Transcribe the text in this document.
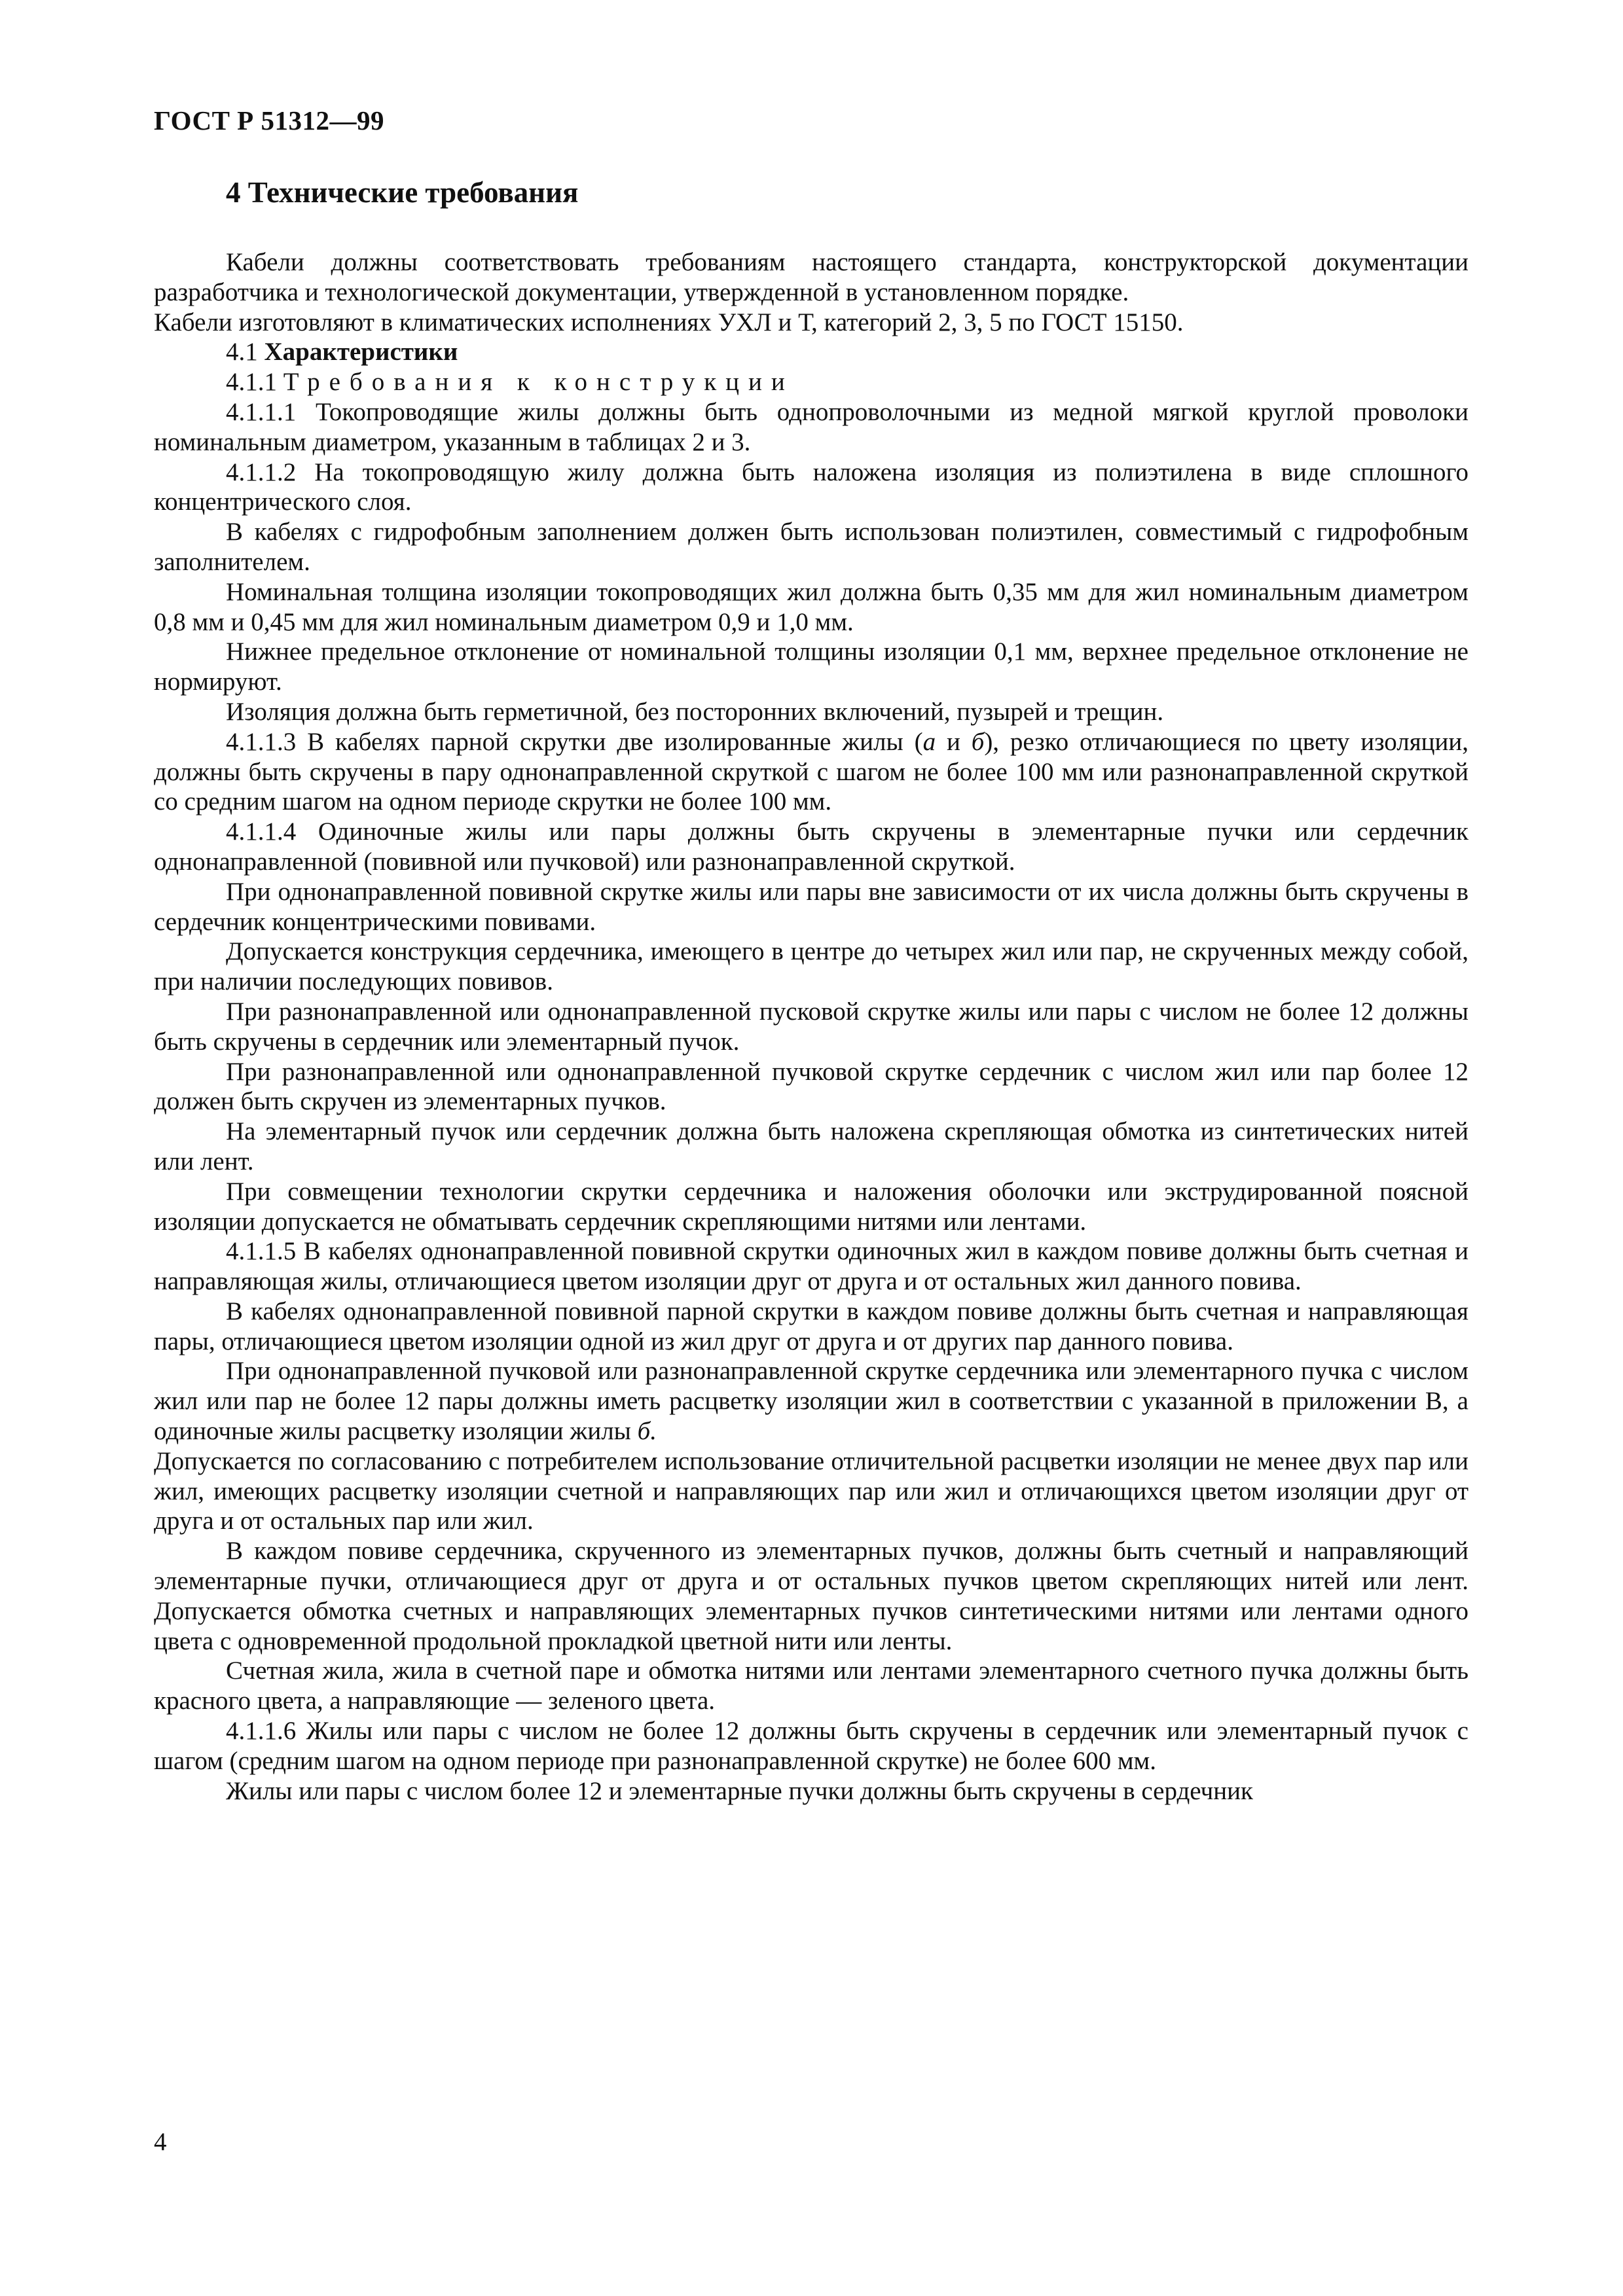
ГОСТ Р 51312—99
4 Технические требования

Кабели должны соответствовать требованиям настоящего стандарта, конструкторской документации разработчика и технологической документации, утвержденной в установленном порядке.

Кабели изготовляют в климатических исполнениях УХЛ и Т, категорий 2, 3, 5 по ГОСТ 15150.

4.1 Характеристики

4.1.1 Требования к конструкции

4.1.1.1 Токопроводящие жилы должны быть однопроволочными из медной мягкой круглой проволоки номинальным диаметром, указанным в таблицах 2 и 3.

4.1.1.2 На токопроводящую жилу должна быть наложена изоляция из полиэтилена в виде сплошного концентрического слоя.

В кабелях с гидрофобным заполнением должен быть использован полиэтилен, совместимый с гидрофобным заполнителем.

Номинальная толщина изоляции токопроводящих жил должна быть 0,35 мм для жил номинальным диаметром 0,8 мм и 0,45 мм для жил номинальным диаметром 0,9 и 1,0 мм.

Нижнее предельное отклонение от номинальной толщины изоляции 0,1 мм, верхнее предельное отклонение не нормируют.

Изоляция должна быть герметичной, без посторонних включений, пузырей и трещин.

4.1.1.3 В кабелях парной скрутки две изолированные жилы (а и б), резко отличающиеся по цвету изоляции, должны быть скручены в пару однонаправленной скруткой с шагом не более 100 мм или разнонаправленной скруткой со средним шагом на одном периоде скрутки не более 100 мм.

4.1.1.4 Одиночные жилы или пары должны быть скручены в элементарные пучки или сердечник однонаправленной (повивной или пучковой) или разнонаправленной скруткой.

При однонаправленной повивной скрутке жилы или пары вне зависимости от их числа должны быть скручены в сердечник концентрическими повивами.

Допускается конструкция сердечника, имеющего в центре до четырех жил или пар, не скрученных между собой, при наличии последующих повивов.

При разнонаправленной или однонаправленной пусковой скрутке жилы или пары с числом не более 12 должны быть скручены в сердечник или элементарный пучок.

При разнонаправленной или однонаправленной пучковой скрутке сердечник с числом жил или пар более 12 должен быть скручен из элементарных пучков.

На элементарный пучок или сердечник должна быть наложена скрепляющая обмотка из синтетических нитей или лент.

При совмещении технологии скрутки сердечника и наложения оболочки или экструдированной поясной изоляции допускается не обматывать сердечник скрепляющими нитями или лентами.

4.1.1.5 В кабелях однонаправленной повивной скрутки одиночных жил в каждом повиве должны быть счетная и направляющая жилы, отличающиеся цветом изоляции друг от друга и от остальных жил данного повива.

В кабелях однонаправленной повивной парной скрутки в каждом повиве должны быть счетная и направляющая пары, отличающиеся цветом изоляции одной из жил друг от друга и от других пар данного повива.

При однонаправленной пучковой или разнонаправленной скрутке сердечника или элементарного пучка с числом жил или пар не более 12 пары должны иметь расцветку изоляции жил в соответствии с указанной в приложении В, а одиночные жилы расцветку изоляции жилы б.

Допускается по согласованию с потребителем использование отличительной расцветки изоляции не менее двух пар или жил, имеющих расцветку изоляции счетной и направляющих пар или жил и отличающихся цветом изоляции друг от друга и от остальных пар или жил.

В каждом повиве сердечника, скрученного из элементарных пучков, должны быть счетный и направляющий элементарные пучки, отличающиеся друг от друга и от остальных пучков цветом скрепляющих нитей или лент. Допускается обмотка счетных и направляющих элементарных пучков синтетическими нитями или лентами одного цвета с одновременной продольной прокладкой цветной нити или ленты.

Счетная жила, жила в счетной паре и обмотка нитями или лентами элементарного счетного пучка должны быть красного цвета, а направляющие — зеленого цвета.

4.1.1.6 Жилы или пары с числом не более 12 должны быть скручены в сердечник или элементарный пучок с шагом (средним шагом на одном периоде при разнонаправленной скрутке) не более 600 мм.

Жилы или пары с числом более 12 и элементарные пучки должны быть скручены в сердечник

4
